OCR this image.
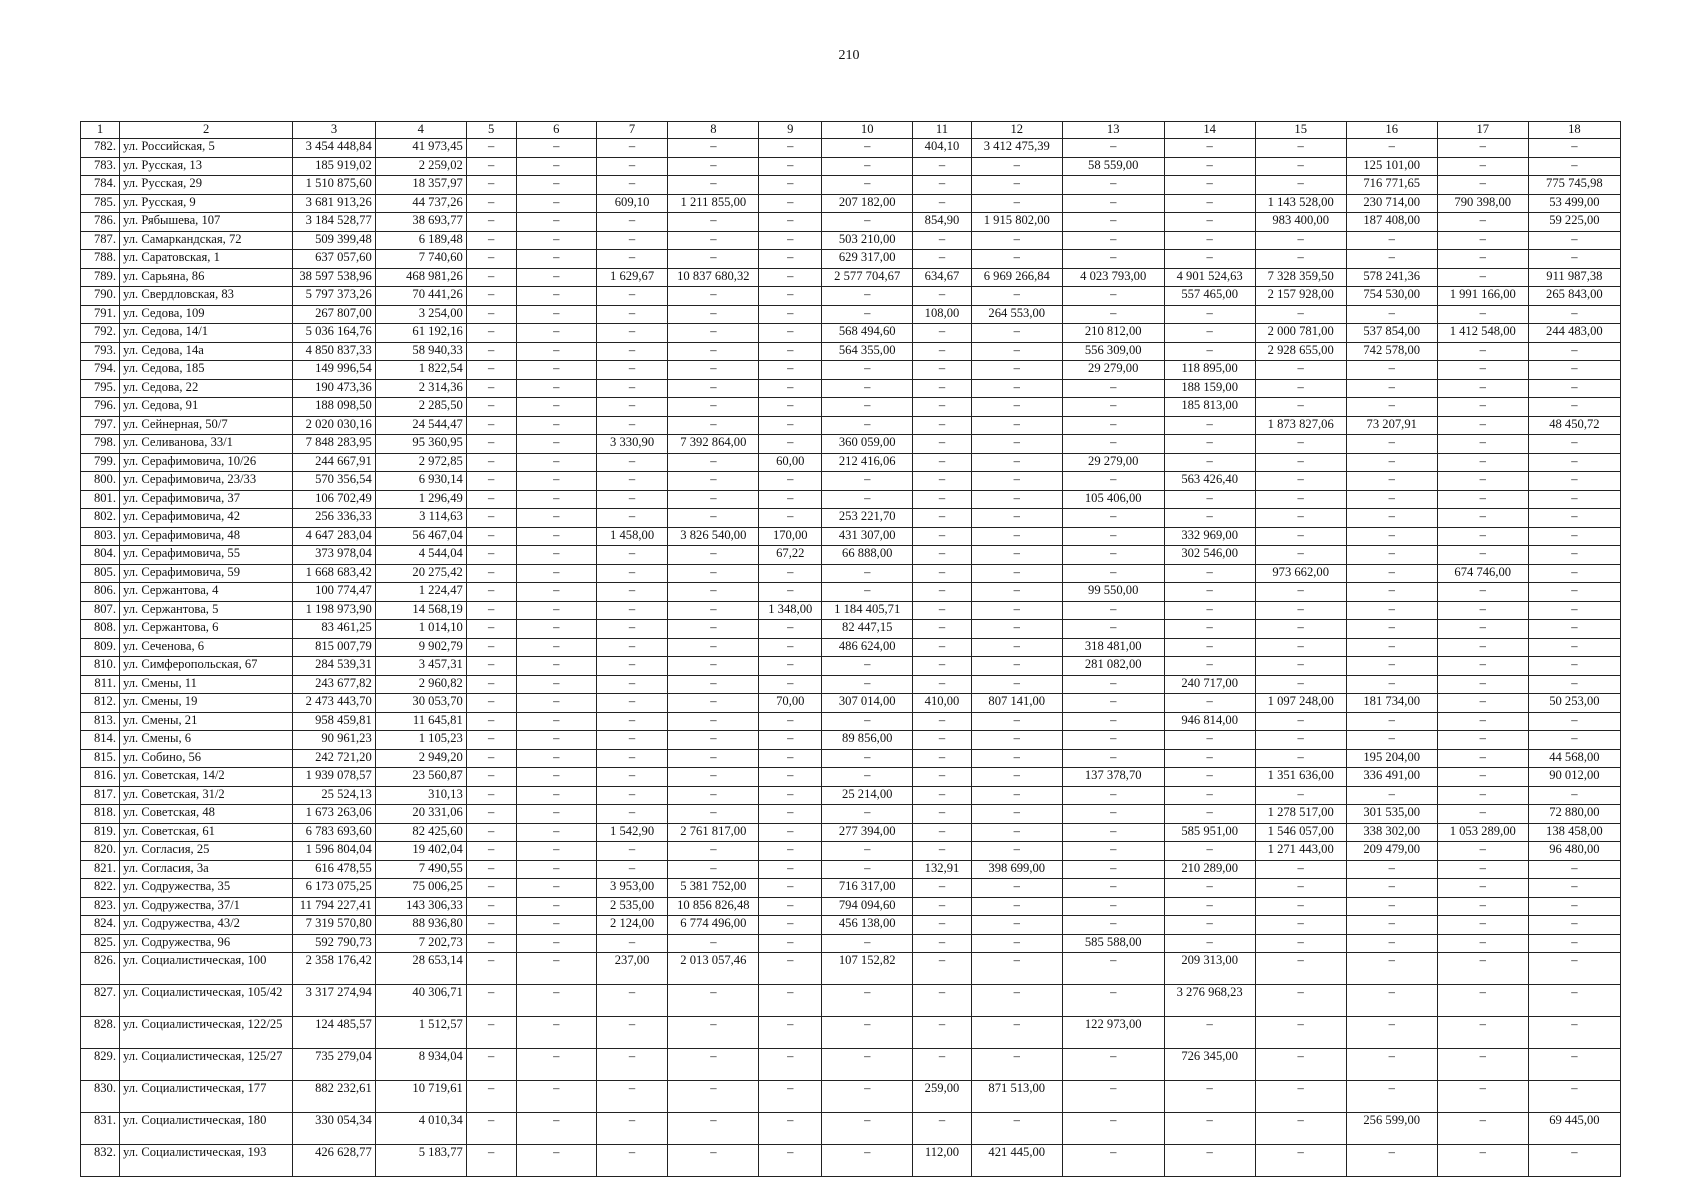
210
1	2	3	4	5	6	7	8	9	10	11	12	13	14	15	16	17	18
782.	ул. Российская, 5	3 454 448,84	41 973,45	–	–	–	–	–	–	404,10	3 412 475,39	–	–	–	–	–	–
783.	ул. Русская, 13	185 919,02	2 259,02	–	–	–	–	–	–	–	–	58 559,00	–	–	125 101,00	–	–
784.	ул. Русская, 29	1 510 875,60	18 357,97	–	–	–	–	–	–	–	–	–	–	–	716 771,65	–	775 745,98
785.	ул. Русская, 9	3 681 913,26	44 737,26	–	–	609,10	1 211 855,00	–	207 182,00	–	–	–	–	1 143 528,00	230 714,00	790 398,00	53 499,00
786.	ул. Рябышева, 107	3 184 528,77	38 693,77	–	–	–	–	–	–	854,90	1 915 802,00	–	–	983 400,00	187 408,00	–	59 225,00
787.	ул. Самаркандская, 72	509 399,48	6 189,48	–	–	–	–	–	503 210,00	–	–	–	–	–	–	–	–
788.	ул. Саратовская, 1	637 057,60	7 740,60	–	–	–	–	–	629 317,00	–	–	–	–	–	–	–	–
789.	ул. Сарьяна, 86	38 597 538,96	468 981,26	–	–	1 629,67	10 837 680,32	–	2 577 704,67	634,67	6 969 266,84	4 023 793,00	4 901 524,63	7 328 359,50	578 241,36	–	911 987,38
790.	ул. Свердловская, 83	5 797 373,26	70 441,26	–	–	–	–	–	–	–	–	–	557 465,00	2 157 928,00	754 530,00	1 991 166,00	265 843,00
791.	ул. Седова, 109	267 807,00	3 254,00	–	–	–	–	–	–	108,00	264 553,00	–	–	–	–	–	–
792.	ул. Седова, 14/1	5 036 164,76	61 192,16	–	–	–	–	–	568 494,60	–	–	210 812,00	–	2 000 781,00	537 854,00	1 412 548,00	244 483,00
793.	ул. Седова, 14а	4 850 837,33	58 940,33	–	–	–	–	–	564 355,00	–	–	556 309,00	–	2 928 655,00	742 578,00	–	–
794.	ул. Седова, 185	149 996,54	1 822,54	–	–	–	–	–	–	–	–	29 279,00	118 895,00	–	–	–	–
795.	ул. Седова, 22	190 473,36	2 314,36	–	–	–	–	–	–	–	–	–	188 159,00	–	–	–	–
796.	ул. Седова, 91	188 098,50	2 285,50	–	–	–	–	–	–	–	–	–	185 813,00	–	–	–	–
797.	ул. Сейнерная, 50/7	2 020 030,16	24 544,47	–	–	–	–	–	–	–	–	–	–	1 873 827,06	73 207,91	–	48 450,72
798.	ул. Селиванова, 33/1	7 848 283,95	95 360,95	–	–	3 330,90	7 392 864,00	–	360 059,00	–	–	–	–	–	–	–	–
799.	ул. Серафимовича, 10/26	244 667,91	2 972,85	–	–	–	–	60,00	212 416,06	–	–	29 279,00	–	–	–	–	–
800.	ул. Серафимовича, 23/33	570 356,54	6 930,14	–	–	–	–	–	–	–	–	–	563 426,40	–	–	–	–
801.	ул. Серафимовича, 37	106 702,49	1 296,49	–	–	–	–	–	–	–	–	105 406,00	–	–	–	–	–
802.	ул. Серафимовича, 42	256 336,33	3 114,63	–	–	–	–	–	253 221,70	–	–	–	–	–	–	–	–
803.	ул. Серафимовича, 48	4 647 283,04	56 467,04	–	–	1 458,00	3 826 540,00	170,00	431 307,00	–	–	–	332 969,00	–	–	–	–
804.	ул. Серафимовича, 55	373 978,04	4 544,04	–	–	–	–	67,22	66 888,00	–	–	–	302 546,00	–	–	–	–
805.	ул. Серафимовича, 59	1 668 683,42	20 275,42	–	–	–	–	–	–	–	–	–	–	973 662,00	–	674 746,00	–
806.	ул. Сержантова, 4	100 774,47	1 224,47	–	–	–	–	–	–	–	–	99 550,00	–	–	–	–	–
807.	ул. Сержантова, 5	1 198 973,90	14 568,19	–	–	–	–	1 348,00	1 184 405,71	–	–	–	–	–	–	–	–
808.	ул. Сержантова, 6	83 461,25	1 014,10	–	–	–	–	–	82 447,15	–	–	–	–	–	–	–	–
809.	ул. Сеченова, 6	815 007,79	9 902,79	–	–	–	–	–	486 624,00	–	–	318 481,00	–	–	–	–	–
810.	ул. Симферопольская, 67	284 539,31	3 457,31	–	–	–	–	–	–	–	–	281 082,00	–	–	–	–	–
811.	ул. Смены, 11	243 677,82	2 960,82	–	–	–	–	–	–	–	–	–	240 717,00	–	–	–	–
812.	ул. Смены, 19	2 473 443,70	30 053,70	–	–	–	–	70,00	307 014,00	410,00	807 141,00	–	–	1 097 248,00	181 734,00	–	50 253,00
813.	ул. Смены, 21	958 459,81	11 645,81	–	–	–	–	–	–	–	–	–	946 814,00	–	–	–	–
814.	ул. Смены, 6	90 961,23	1 105,23	–	–	–	–	–	89 856,00	–	–	–	–	–	–	–	–
815.	ул. Собино, 56	242 721,20	2 949,20	–	–	–	–	–	–	–	–	–	–	–	195 204,00	–	44 568,00
816.	ул. Советская, 14/2	1 939 078,57	23 560,87	–	–	–	–	–	–	–	–	137 378,70	–	1 351 636,00	336 491,00	–	90 012,00
817.	ул. Советская, 31/2	25 524,13	310,13	–	–	–	–	–	25 214,00	–	–	–	–	–	–	–	–
818.	ул. Советская, 48	1 673 263,06	20 331,06	–	–	–	–	–	–	–	–	–	–	1 278 517,00	301 535,00	–	72 880,00
819.	ул. Советская, 61	6 783 693,60	82 425,60	–	–	1 542,90	2 761 817,00	–	277 394,00	–	–	–	585 951,00	1 546 057,00	338 302,00	1 053 289,00	138 458,00
820.	ул. Согласия, 25	1 596 804,04	19 402,04	–	–	–	–	–	–	–	–	–	–	1 271 443,00	209 479,00	–	96 480,00
821.	ул. Согласия, 3а	616 478,55	7 490,55	–	–	–	–	–	–	132,91	398 699,00	–	210 289,00	–	–	–	–
822.	ул. Содружества, 35	6 173 075,25	75 006,25	–	–	3 953,00	5 381 752,00	–	716 317,00	–	–	–	–	–	–	–	–
823.	ул. Содружества, 37/1	11 794 227,41	143 306,33	–	–	2 535,00	10 856 826,48	–	794 094,60	–	–	–	–	–	–	–	–
824.	ул. Содружества, 43/2	7 319 570,80	88 936,80	–	–	2 124,00	6 774 496,00	–	456 138,00	–	–	–	–	–	–	–	–
825.	ул. Содружества, 96	592 790,73	7 202,73	–	–	–	–	–	–	–	–	585 588,00	–	–	–	–	–
826.	ул. Социалистическая, 100	2 358 176,42	28 653,14	–	–	237,00	2 013 057,46	–	107 152,82	–	–	–	209 313,00	–	–	–	–
827.	ул. Социалистическая, 105/42	3 317 274,94	40 306,71	–	–	–	–	–	–	–	–	–	3 276 968,23	–	–	–	–
828.	ул. Социалистическая, 122/25	124 485,57	1 512,57	–	–	–	–	–	–	–	–	122 973,00	–	–	–	–	–
829.	ул. Социалистическая, 125/27	735 279,04	8 934,04	–	–	–	–	–	–	–	–	–	726 345,00	–	–	–	–
830.	ул. Социалистическая, 177	882 232,61	10 719,61	–	–	–	–	–	–	259,00	871 513,00	–	–	–	–	–	–
831.	ул. Социалистическая, 180	330 054,34	4 010,34	–	–	–	–	–	–	–	–	–	–	–	256 599,00	–	69 445,00
832.	ул. Социалистическая, 193	426 628,77	5 183,77	–	–	–	–	–	–	112,00	421 445,00	–	–	–	–	–	–
